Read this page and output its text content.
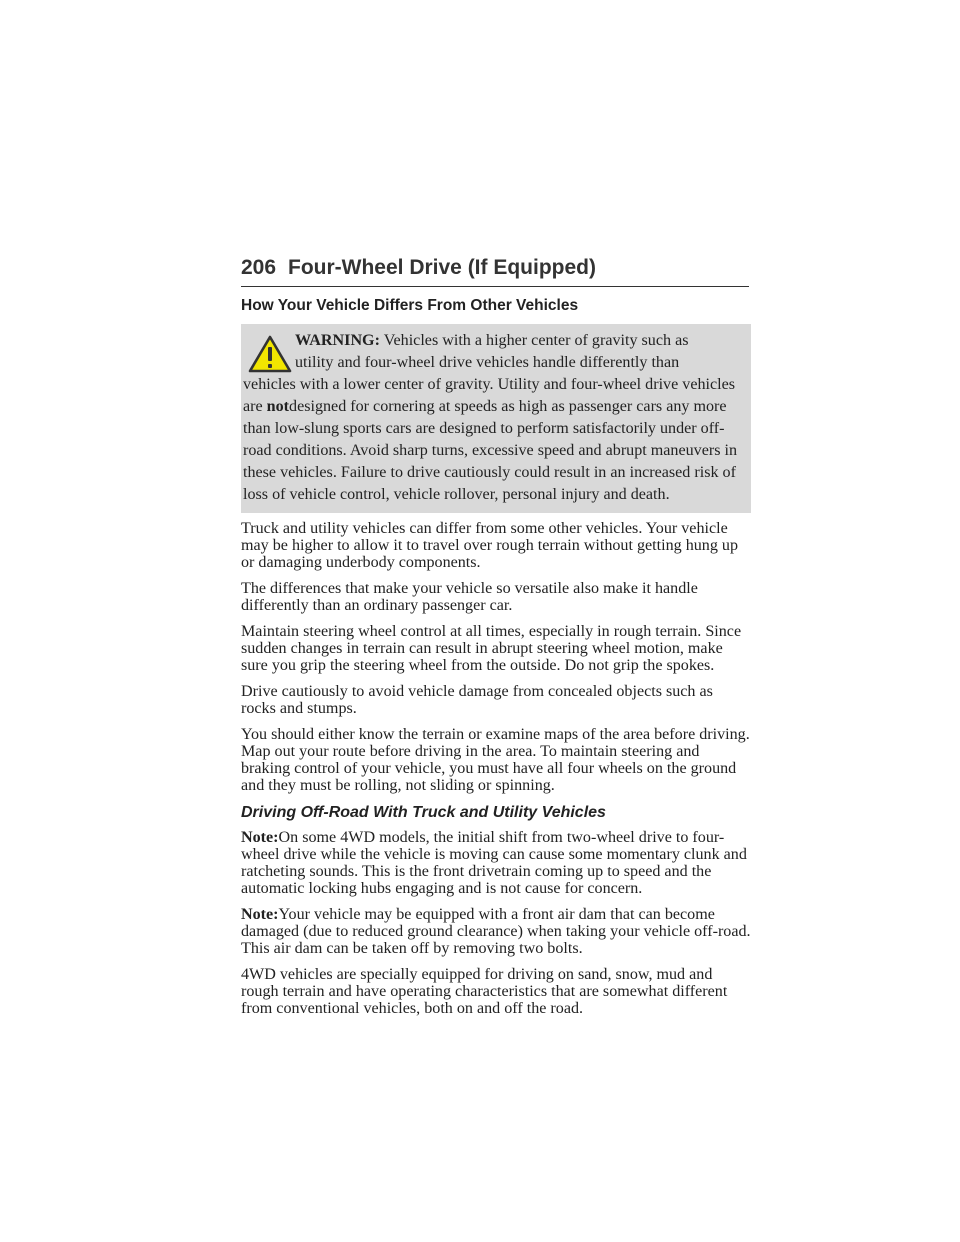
206 Four-Wheel Drive (If Equipped)
How Your Vehicle Differs From Other Vehicles
WARNING: Vehicles with a higher center of gravity such as
utility and four-wheel drive vehicles handle differently than
vehicles with a lower center of gravity. Utility and four-wheel drive vehicles are notdesigned for cornering at speeds as high as passenger cars any more than low-slung sports cars are designed to perform satisfactorily under off-road conditions. Avoid sharp turns, excessive speed and abrupt maneuvers in these vehicles. Failure to drive cautiously could result in an increased risk of loss of vehicle control, vehicle rollover, personal injury and death.

Truck and utility vehicles can differ from some other vehicles. Your vehicle may be higher to allow it to travel over rough terrain without getting hung up or damaging underbody components.

The differences that make your vehicle so versatile also make it handle differently than an ordinary passenger car.

Maintain steering wheel control at all times, especially in rough terrain. Since sudden changes in terrain can result in abrupt steering wheel motion, make sure you grip the steering wheel from the outside. Do not grip the spokes.

Drive cautiously to avoid vehicle damage from concealed objects such as rocks and stumps.

You should either know the terrain or examine maps of the area before driving. Map out your route before driving in the area. To maintain steering and braking control of your vehicle, you must have all four wheels on the ground and they must be rolling, not sliding or spinning.

Driving Off-Road With Truck and Utility Vehicles

Note:On some 4WD models, the initial shift from two-wheel drive to four-wheel drive while the vehicle is moving can cause some momentary clunk and ratcheting sounds. This is the front drivetrain coming up to speed and the automatic locking hubs engaging and is not cause for concern.

Note:Your vehicle may be equipped with a front air dam that can become damaged (due to reduced ground clearance) when taking your vehicle off-road. This air dam can be taken off by removing two bolts.

4WD vehicles are specially equipped for driving on sand, snow, mud and rough terrain and have operating characteristics that are somewhat different from conventional vehicles, both on and off the road.
